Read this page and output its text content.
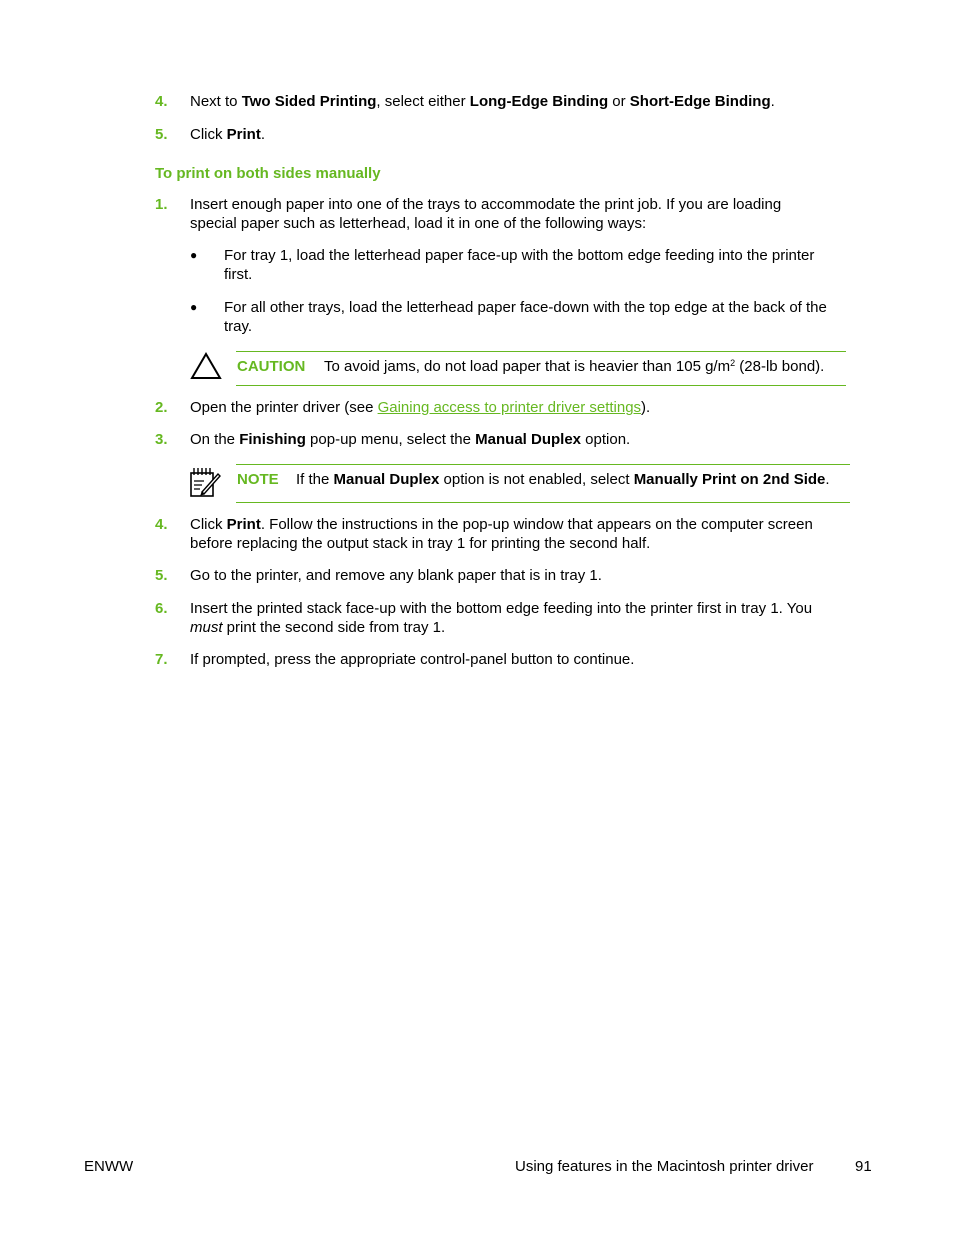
4. Next to Two Sided Printing, select either Long-Edge Binding or Short-Edge Binding.
5. Click Print.
To print on both sides manually
1. Insert enough paper into one of the trays to accommodate the print job. If you are loading
special paper such as letterhead, load it in one of the following ways:
● For tray 1, load the letterhead paper face-up with the bottom edge feeding into the printer
first.
● For all other trays, load the letterhead paper face-down with the top edge at the back of the
tray.
CAUTION To avoid jams, do not load paper that is heavier than 105 $g/m^2$ (28-lb bond).
2. Open the printer driver (see Gaining access to printer driver settings).
3. On the Finishing pop-up menu, select the Manual Duplex option.
NOTE If the Manual Duplex option is not enabled, select Manually Print on 2nd Side.
4. Click Print. Follow the instructions in the pop-up window that appears on the computer screen
before replacing the output stack in tray 1 for printing the second half.
5. Go to the printer, and remove any blank paper that is in tray 1.
6. Insert the printed stack face-up with the bottom edge feeding into the printer first in tray 1. You
must print the second side from tray 1.
7. If prompted, press the appropriate control-panel button to continue.
ENWW	Using features in the Macintosh printer driver	91
